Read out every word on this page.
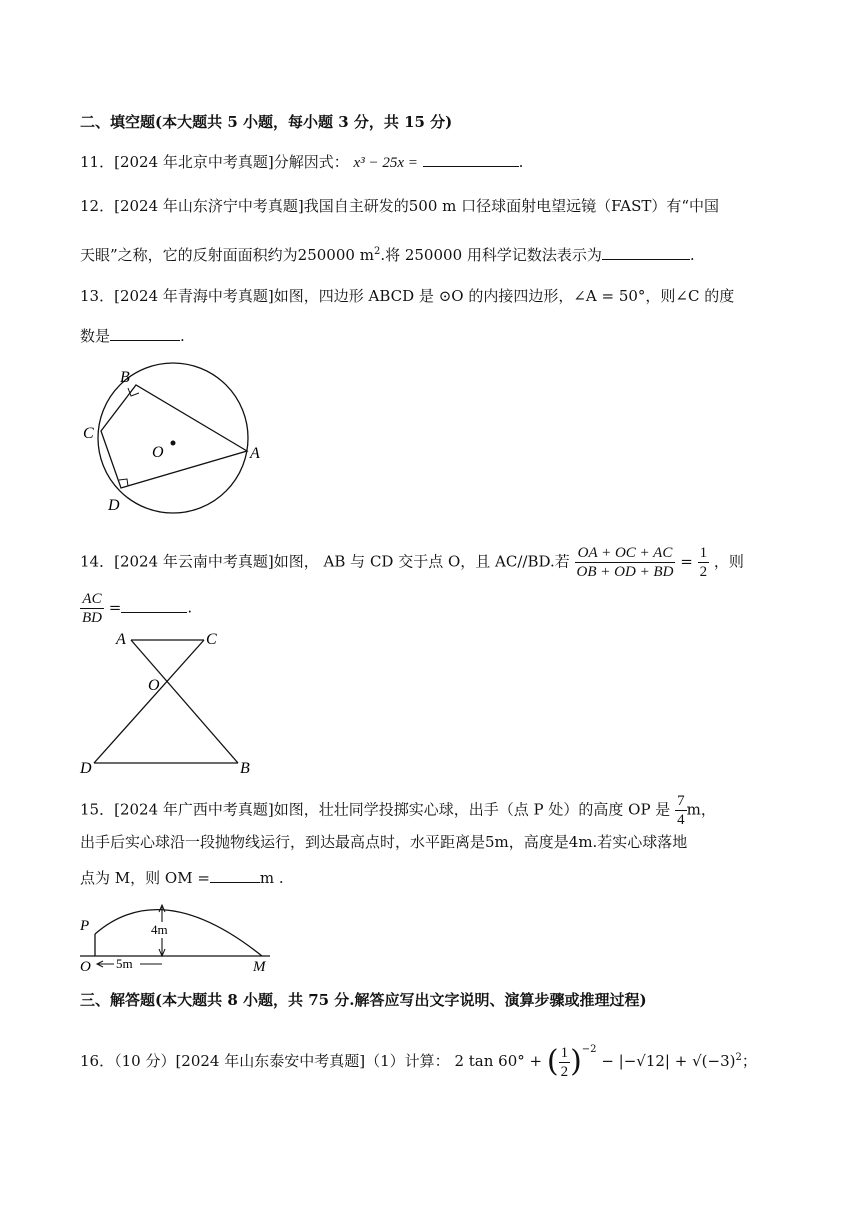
二、填空题(本大题共 5 小题，每小题 3 分，共 15 分)
11．[2024 年北京中考真题]分解因式： x³ − 25x =	.
12．[2024 年山东济宁中考真题]我国自主研发的500 m 口径球面射电望远镜（FAST）有“中国
天眼”之称，它的反射面面积约为250000 $m^2$.将 250000 用科学记数法表示为	.
13．[2024 年青海中考真题]如图，四边形 ABCD 是 ⊙O 的内接四边形，∠A = 50°，则∠C 的度
数是	.
B
C
O	A
D
14．[2024 年云南中考真题]如图， AB 与 CD 交于点 O，且 AC//BD.若 $\frac{OA + OC + AC}{OB + OD + BD} = \frac{1}{2}$ ，则
$\frac{AC}{BD}$ =	.
A	C
O
D	B
15．[2024 年广西中考真题]如图，壮壮同学投掷实心球，出手（点 P 处）的高度 OP 是 $\frac{7}{4}$ m，
出手后实心球沿一段抛物线运行，到达最高点时，水平距离是5m，高度是4m.若实心球落地
点为 M，则 OM =	m .
4m
5m
P
O	M
三、解答题(本大题共 8 小题，共 75 分.解答应写出文字说明、演算步骤或推理过程)
16．（10 分）[2024 年山东泰安中考真题]（1）计算： 2 tan 60° + ( $\frac{1}{2} )^{-2} - |-√12| + √(-3)^2$；
